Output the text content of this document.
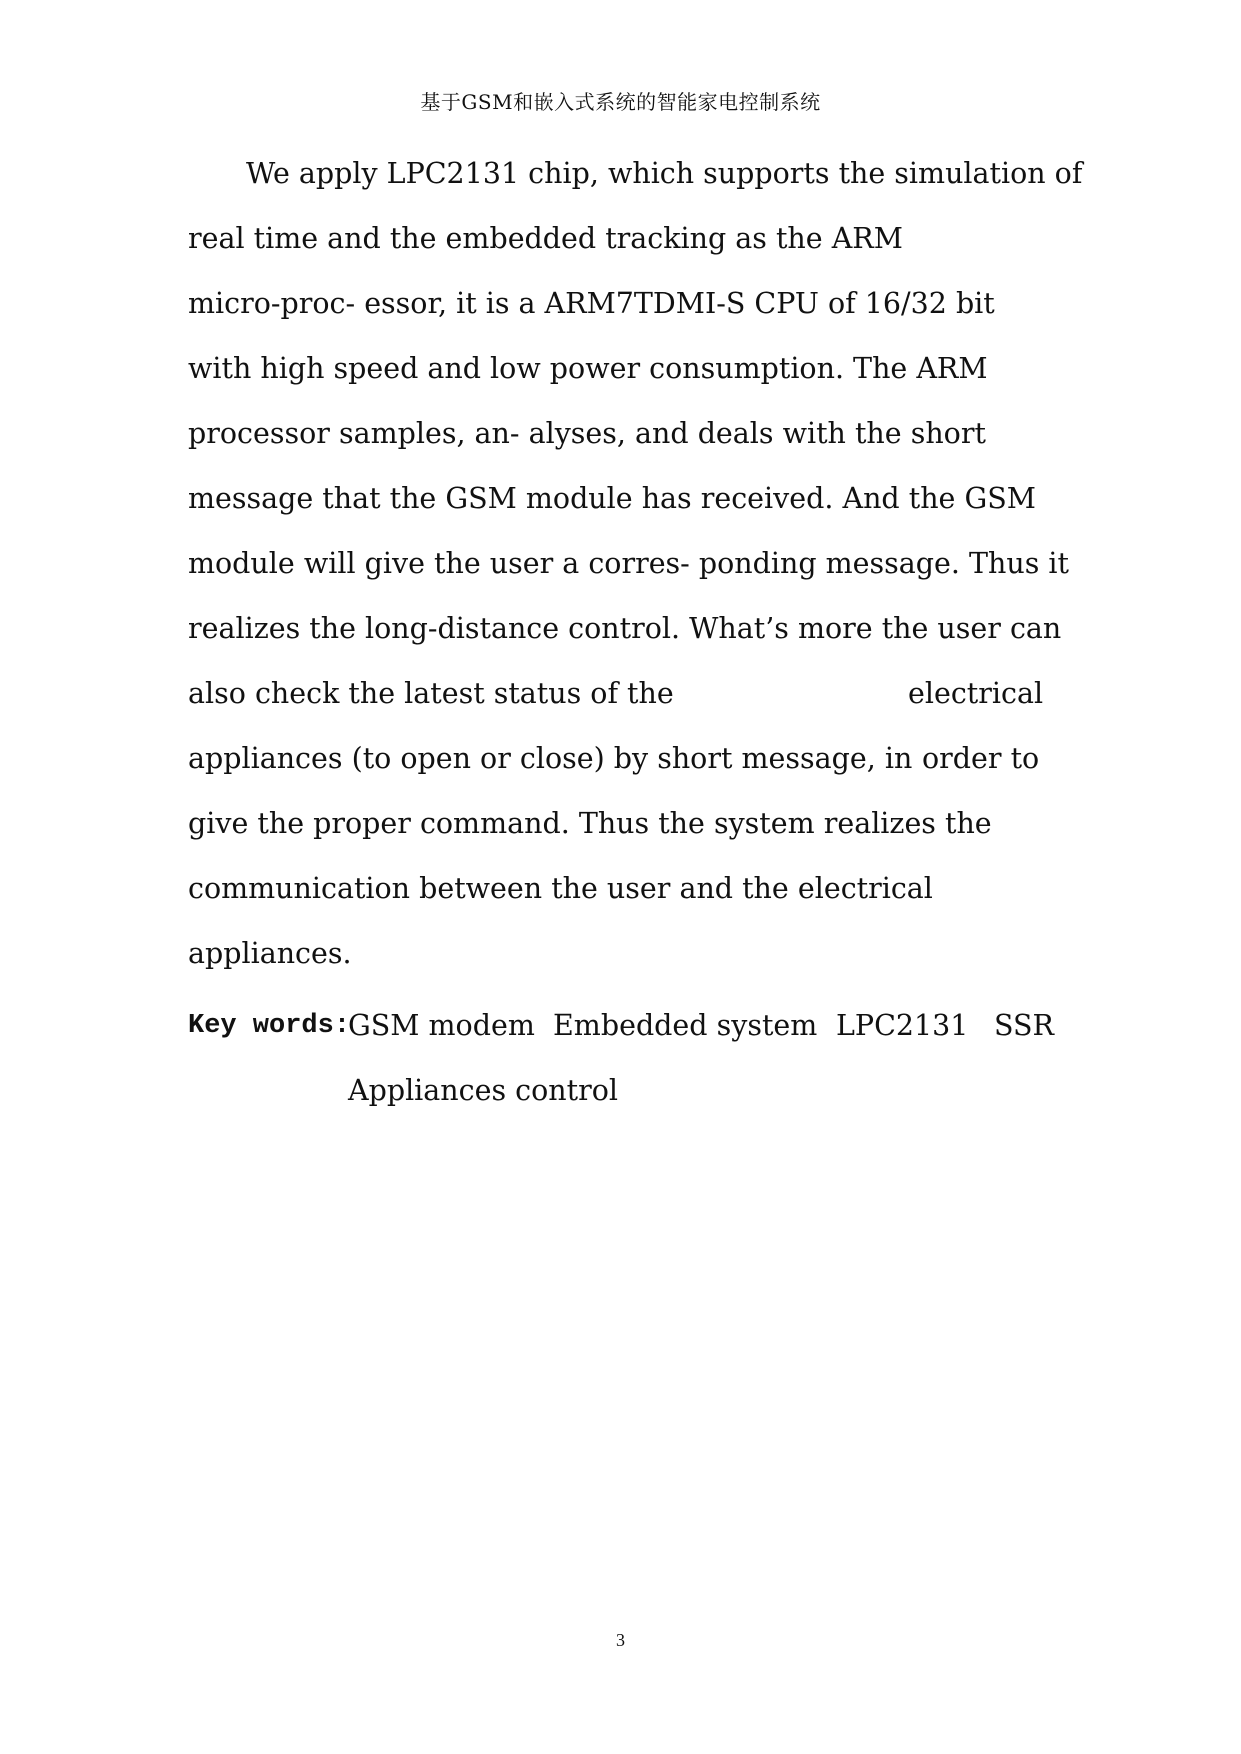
基于GSM和嵌入式系统的智能家电控制系统
We apply LPC2131 chip, which supports the simulation of
real time and the embedded tracking as the ARM
micro-proc- essor, it is a ARM7TDMI-S CPU of 16/32 bit
with high speed and low power consumption. The ARM
processor samples, an- alyses, and deals with the short
message that the GSM module has received. And the GSM
module will give the user a corres- ponding message. Thus it
realizes the long-distance control. What’s more the user can
also check the latest status of the	electrical
appliances (to open or close) by short message, in order to
give the proper command. Thus the system realizes the
communication between the user and the electrical
appliances.
Key words:
GSM modem Embedded system LPC2131 SSR
Appliances control
3
